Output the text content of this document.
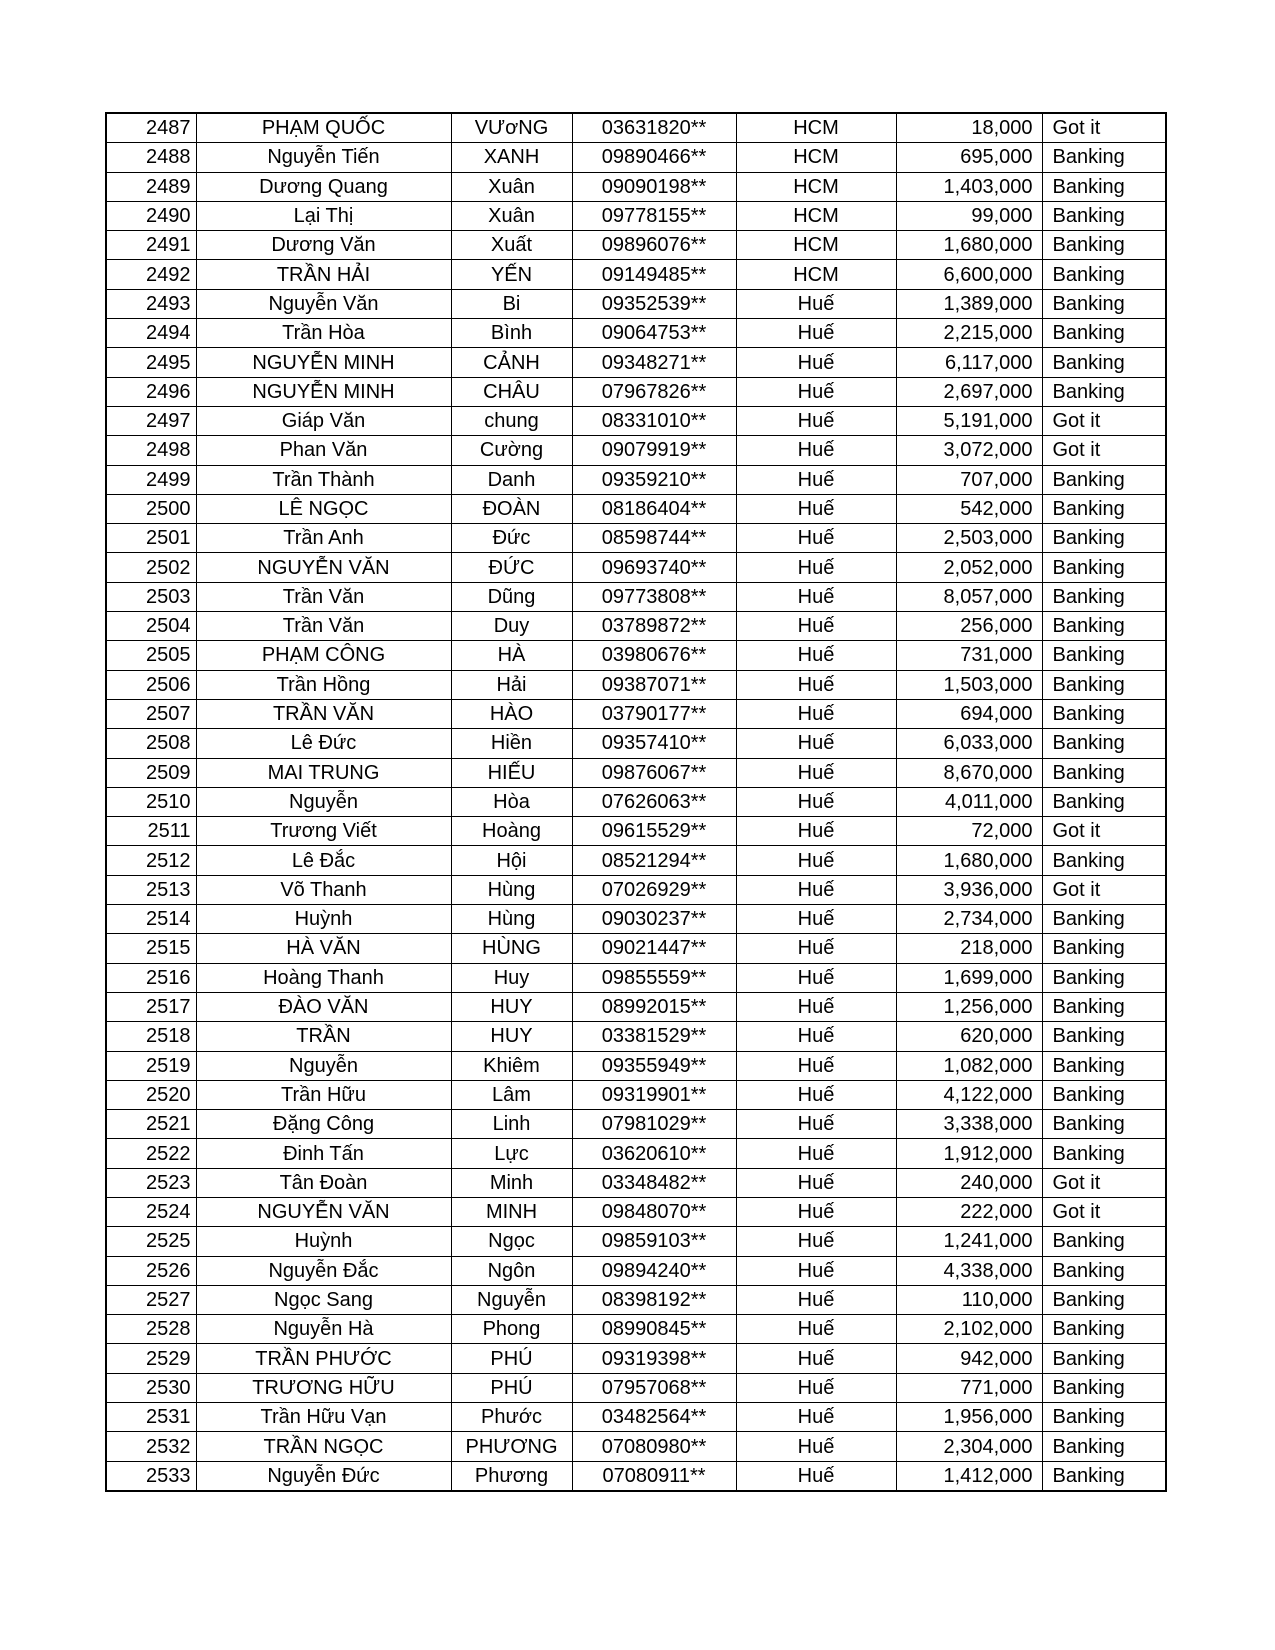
2487	PHẠM QUỐC	VƯơNG	03631820**	HCM	18,000	Got it
2488	Nguyễn Tiến	XANH	09890466**	HCM	695,000	Banking
2489	Dương Quang	Xuân	09090198**	HCM	1,403,000	Banking
2490	Lại Thị	Xuân	09778155**	HCM	99,000	Banking
2491	Dương Văn	Xuất	09896076**	HCM	1,680,000	Banking
2492	TRẦN HẢI	YẾN	09149485**	HCM	6,600,000	Banking
2493	Nguyễn Văn	Bi	09352539**	Huế	1,389,000	Banking
2494	Trần Hòa	Bình	09064753**	Huế	2,215,000	Banking
2495	NGUYỄN MINH	CẢNH	09348271**	Huế	6,117,000	Banking
2496	NGUYỄN MINH	CHÂU	07967826**	Huế	2,697,000	Banking
2497	Giáp Văn	chung	08331010**	Huế	5,191,000	Got it
2498	Phan Văn	Cường	09079919**	Huế	3,072,000	Got it
2499	Trần Thành	Danh	09359210**	Huế	707,000	Banking
2500	LÊ NGỌC	ĐOÀN	08186404**	Huế	542,000	Banking
2501	Trần Anh	Đức	08598744**	Huế	2,503,000	Banking
2502	NGUYỄN VĂN	ĐỨC	09693740**	Huế	2,052,000	Banking
2503	Trần Văn	Dũng	09773808**	Huế	8,057,000	Banking
2504	Trần Văn	Duy	03789872**	Huế	256,000	Banking
2505	PHẠM CÔNG	HÀ	03980676**	Huế	731,000	Banking
2506	Trần Hồng	Hải	09387071**	Huế	1,503,000	Banking
2507	TRẦN VĂN	HÀO	03790177**	Huế	694,000	Banking
2508	Lê Đức	Hiền	09357410**	Huế	6,033,000	Banking
2509	MAI TRUNG	HIẾU	09876067**	Huế	8,670,000	Banking
2510	Nguyễn	Hòa	07626063**	Huế	4,011,000	Banking
2511	Trương Viết	Hoàng	09615529**	Huế	72,000	Got it
2512	Lê Đắc	Hội	08521294**	Huế	1,680,000	Banking
2513	Võ Thanh	Hùng	07026929**	Huế	3,936,000	Got it
2514	Huỳnh	Hùng	09030237**	Huế	2,734,000	Banking
2515	HÀ VĂN	HÙNG	09021447**	Huế	218,000	Banking
2516	Hoàng Thanh	Huy	09855559**	Huế	1,699,000	Banking
2517	ĐÀO VĂN	HUY	08992015**	Huế	1,256,000	Banking
2518	TRẦN	HUY	03381529**	Huế	620,000	Banking
2519	Nguyễn	Khiêm	09355949**	Huế	1,082,000	Banking
2520	Trần Hữu	Lâm	09319901**	Huế	4,122,000	Banking
2521	Đặng Công	Linh	07981029**	Huế	3,338,000	Banking
2522	Đinh Tấn	Lực	03620610**	Huế	1,912,000	Banking
2523	Tân Đoàn	Minh	03348482**	Huế	240,000	Got it
2524	NGUYỄN VĂN	MINH	09848070**	Huế	222,000	Got it
2525	Huỳnh	Ngọc	09859103**	Huế	1,241,000	Banking
2526	Nguyễn Đắc	Ngôn	09894240**	Huế	4,338,000	Banking
2527	Ngọc Sang	Nguyễn	08398192**	Huế	110,000	Banking
2528	Nguyễn Hà	Phong	08990845**	Huế	2,102,000	Banking
2529	TRẦN PHƯỚC	PHÚ	09319398**	Huế	942,000	Banking
2530	TRƯƠNG HỮU	PHÚ	07957068**	Huế	771,000	Banking
2531	Trần Hữu Vạn	Phước	03482564**	Huế	1,956,000	Banking
2532	TRẦN NGỌC	PHƯƠNG	07080980**	Huế	2,304,000	Banking
2533	Nguyễn Đức	Phương	07080911**	Huế	1,412,000	Banking
